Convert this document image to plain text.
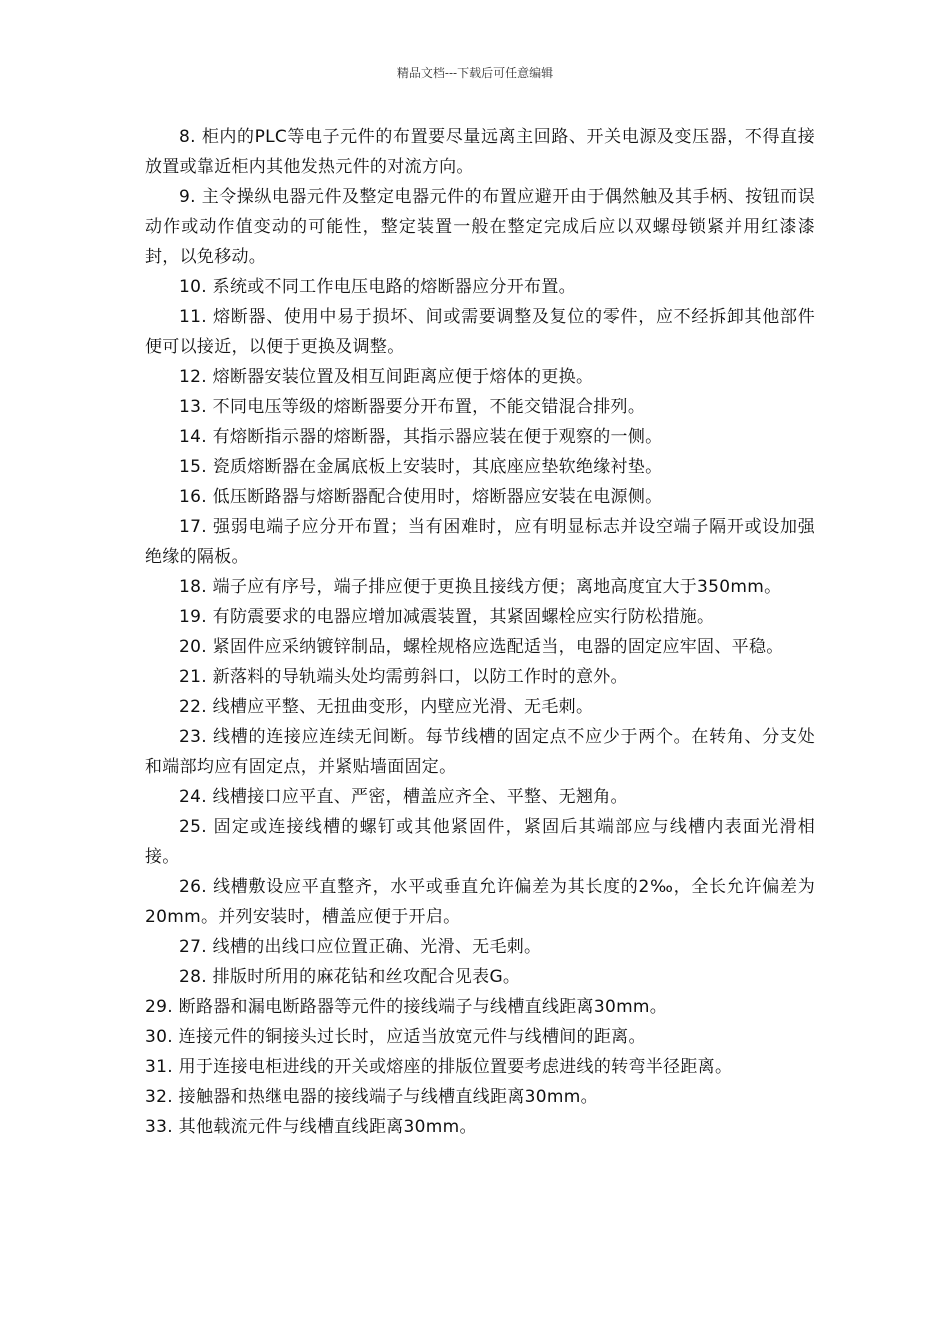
精品文档---下载后可任意编辑

8. 柜内的PLC等电子元件的布置要尽量远离主回路、开关电源及变压器，不得直接放置或靠近柜内其他发热元件的对流方向。

9. 主令操纵电器元件及整定电器元件的布置应避开由于偶然触及其手柄、按钮而误动作或动作值变动的可能性，整定装置一般在整定完成后应以双螺母锁紧并用红漆漆封，以免移动。

10. 系统或不同工作电压电路的熔断器应分开布置。

11. 熔断器、使用中易于损坏、间或需要调整及复位的零件，应不经拆卸其他部件便可以接近，以便于更换及调整。

12. 熔断器安装位置及相互间距离应便于熔体的更换。

13. 不同电压等级的熔断器要分开布置，不能交错混合排列。

14. 有熔断指示器的熔断器，其指示器应装在便于观察的一侧。

15. 瓷质熔断器在金属底板上安装时，其底座应垫软绝缘衬垫。

16. 低压断路器与熔断器配合使用时，熔断器应安装在电源侧。

17. 强弱电端子应分开布置；当有困难时，应有明显标志并设空端子隔开或设加强绝缘的隔板。

18. 端子应有序号，端子排应便于更换且接线方便；离地高度宜大于350mm。

19. 有防震要求的电器应增加减震装置，其紧固螺栓应实行防松措施。

20. 紧固件应采纳镀锌制品，螺栓规格应选配适当，电器的固定应牢固、平稳。

21. 新落料的导轨端头处均需剪斜口，以防工作时的意外。

22. 线槽应平整、无扭曲变形，内壁应光滑、无毛刺。

23. 线槽的连接应连续无间断。每节线槽的固定点不应少于两个。在转角、分支处和端部均应有固定点，并紧贴墙面固定。

24. 线槽接口应平直、严密，槽盖应齐全、平整、无翘角。

25. 固定或连接线槽的螺钉或其他紧固件，紧固后其端部应与线槽内表面光滑相接。

26. 线槽敷设应平直整齐，水平或垂直允许偏差为其长度的2‰，全长允许偏差为20mm。并列安装时，槽盖应便于开启。

27. 线槽的出线口应位置正确、光滑、无毛刺。

28. 排版时所用的麻花钻和丝攻配合见表G。

29. 断路器和漏电断路器等元件的接线端子与线槽直线距离30mm。

30. 连接元件的铜接头过长时，应适当放宽元件与线槽间的距离。

31. 用于连接电柜进线的开关或熔座的排版位置要考虑进线的转弯半径距离。

32. 接触器和热继电器的接线端子与线槽直线距离30mm。

33. 其他载流元件与线槽直线距离30mm。
